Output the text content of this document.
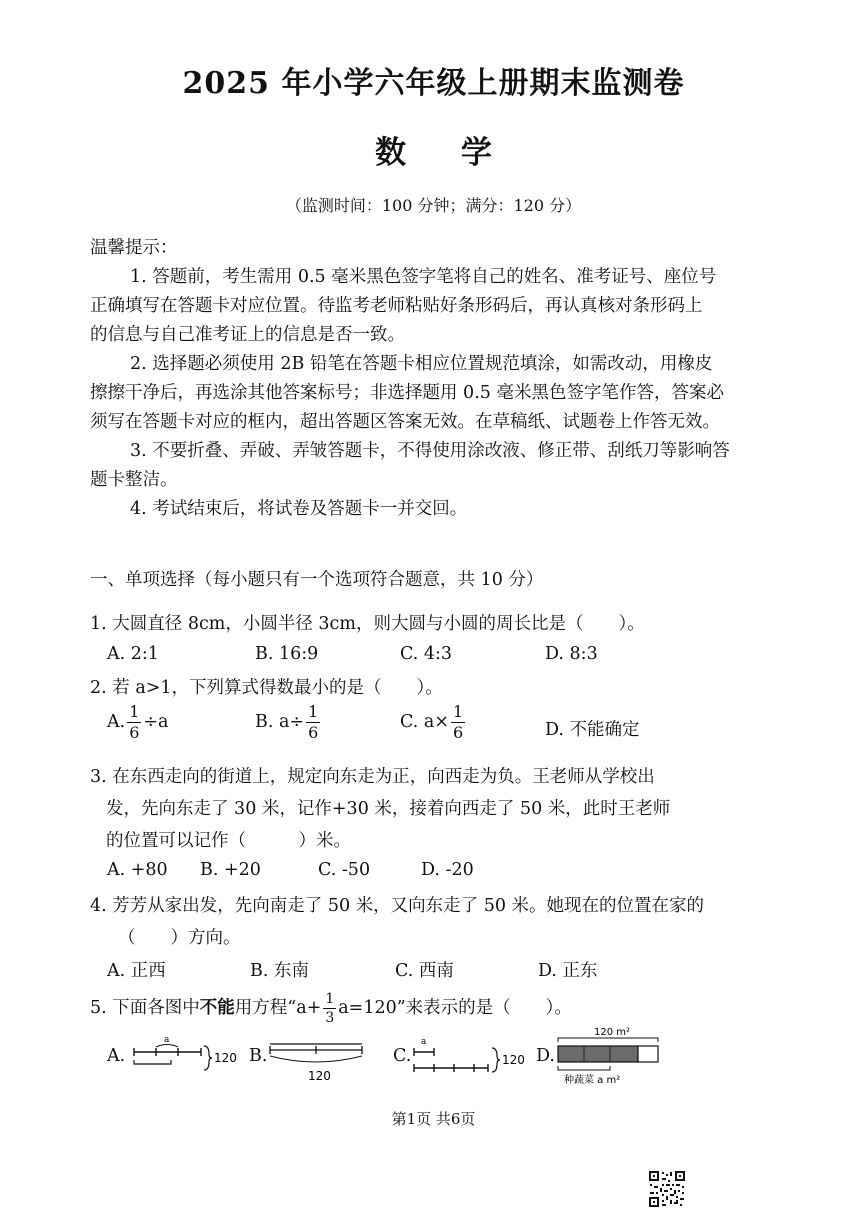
2025 年小学六年级上册期末监测卷
数 学
（监测时间：100 分钟；满分：120 分）
温馨提示：
1. 答题前，考生需用 0.5 毫米黑色签字笔将自己的姓名、准考证号、座位号
正确填写在答题卡对应位置。待监考老师粘贴好条形码后，再认真核对条形码上
的信息与自己准考证上的信息是否一致。
2. 选择题必须使用 2B 铅笔在答题卡相应位置规范填涂，如需改动，用橡皮
擦擦干净后，再选涂其他答案标号；非选择题用 0.5 毫米黑色签字笔作答，答案必
须写在答题卡对应的框内，超出答题区答案无效。在草稿纸、试题卷上作答无效。
3. 不要折叠、弄破、弄皱答题卡，不得使用涂改液、修正带、刮纸刀等影响答
题卡整洁。
4. 考试结束后，将试卷及答题卡一并交回。
一、单项选择（每小题只有一个选项符合题意，共 10 分）
1. 大圆直径 8cm，小圆半径 3cm，则大圆与小圆的周长比是（　　）。
A. 2:1	B. 16:9	C. 4:3	D. 8:3
2. 若 a>1，下列算式得数最小的是（　　）。
A. $\frac{1}{6} \div a$	B. $a\div \frac{1}{6}$	C. $a\times \frac{1}{6}$	D. 不能确定
3. 在东西走向的街道上，规定向东走为正，向西走为负。王老师从学校出
发，先向东走了 30 米，记作+30 米，接着向西走了 50 米，此时王老师
的位置可以记作（　　　）米。
A. +80 B. +20	C. -50	D. -20
4. 芳芳从家出发，先向南走了 50 米，又向东走了 50 米。她现在的位置在家的
（　　）方向。
A. 正西	B. 东南	C. 西南	D. 正东
5. 下面各图中不能用方程“$a+ \frac{1}{3} a=120$”来表示的是（　　）。
A.
a
120 B.
120
C.
a
120 D.
120 m²
种蔬菜 a m²
第1页 共6页
